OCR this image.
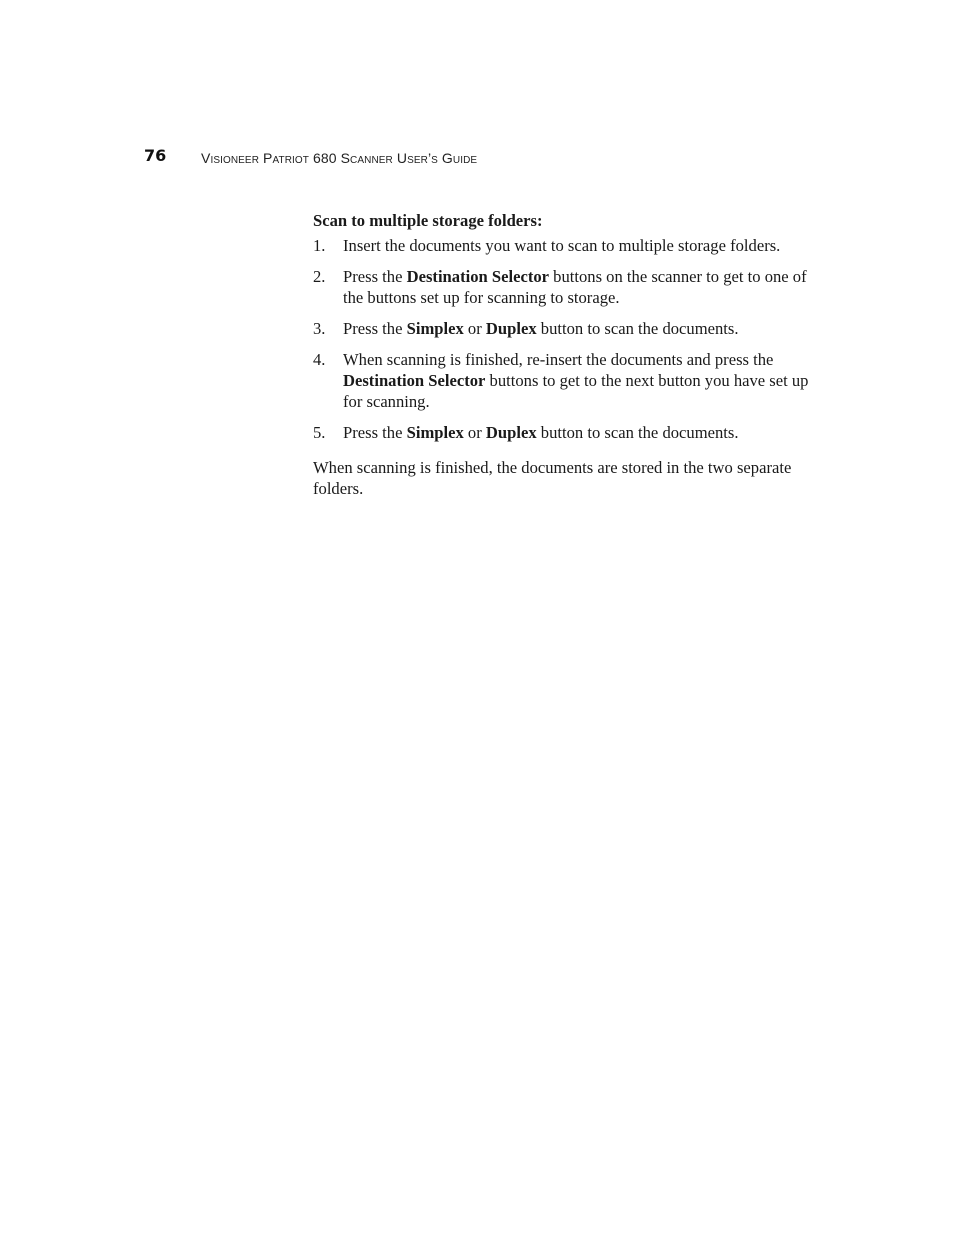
76 Visioneer Patriot 680 Scanner User’s Guide

Scan to multiple storage folders:

1. Insert the documents you want to scan to multiple storage folders.
2. Press the Destination Selector buttons on the scanner to get to one of the buttons set up for scanning to storage.
3. Press the Simplex or Duplex button to scan the documents.
4. When scanning is finished, re-insert the documents and press the Destination Selector buttons to get to the next button you have set up for scanning.
5. Press the Simplex or Duplex button to scan the documents.

When scanning is finished, the documents are stored in the two separate folders.
